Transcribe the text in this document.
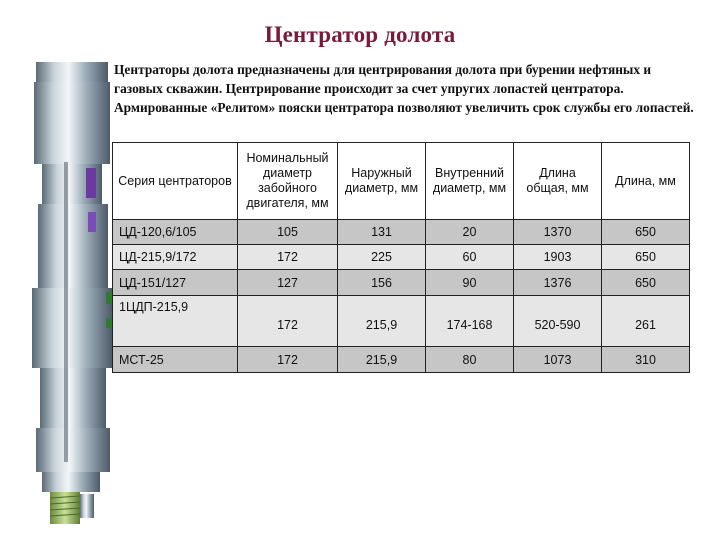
Центратор долота
Центраторы долота предназначены для центрирования долота при бурении нефтяных и газовых скважин. Центрирование происходит за счет упругих лопастей центратора. Армированные «Релитом» пояски центратора позволяют увеличить срок службы его лопастей.
Серия центраторов	Номинальный диаметр забойного двигателя, мм	Наружный диаметр, мм	Внутренний диаметр, мм	Длина общая, мм	Длина, мм
ЦД-120,6/105	105	131	20	1370	650
ЦД-215,9/172	172	225	60	1903	650
ЦД-151/127	127	156	90	1376	650
1ЦДП-215,9	172	215,9	174-168	520-590	261
МСТ-25	172	215,9	80	1073	310
